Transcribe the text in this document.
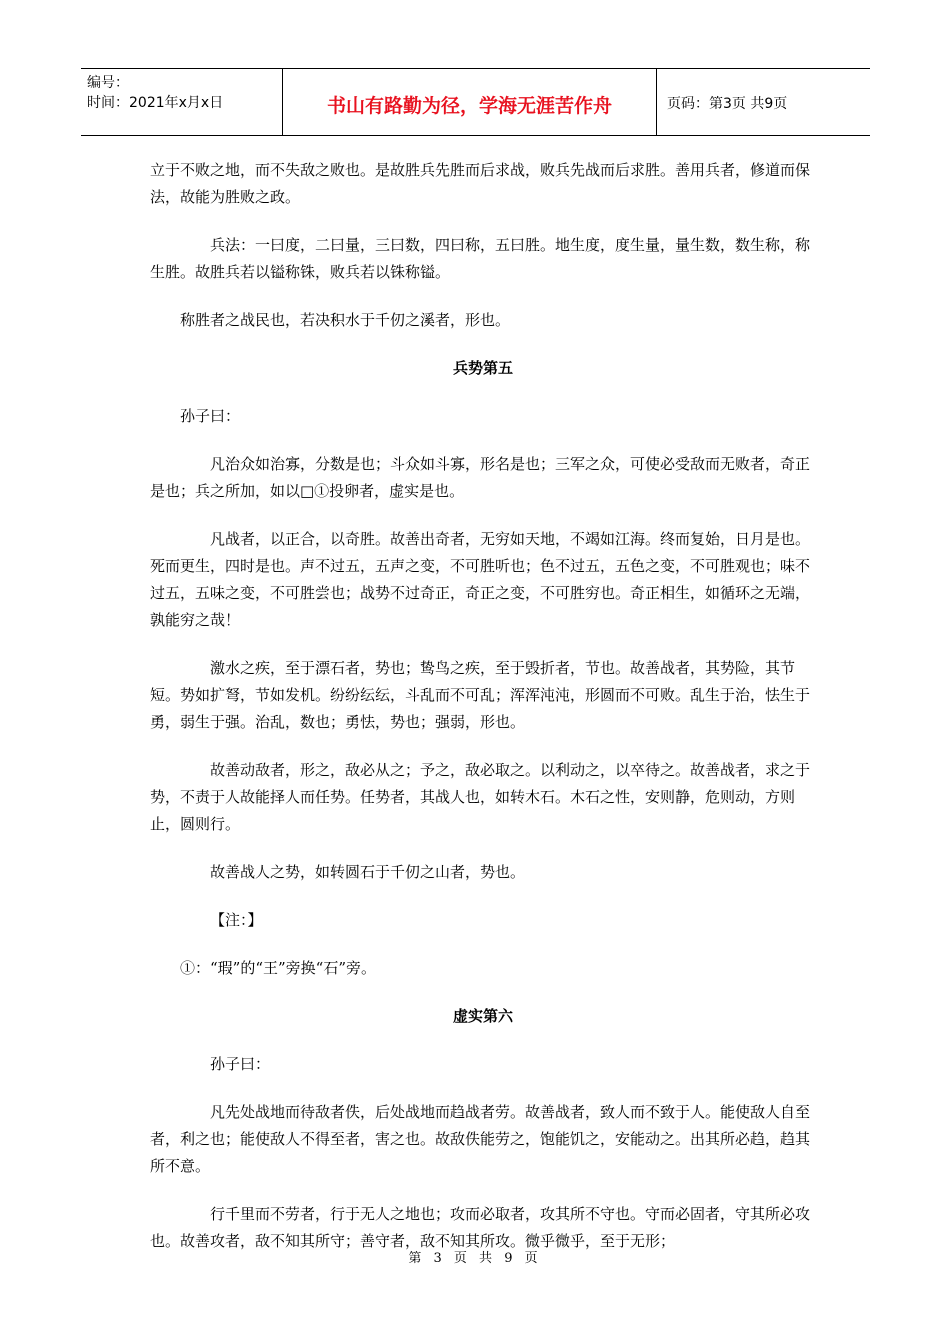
编号：
时间：2021年x月x日	书山有路勤为径，学海无涯苦作舟	页码：第3页 共9页

立于不败之地，而不失敌之败也。是故胜兵先胜而后求战，败兵先战而后求胜。善用兵者，修道而保法，故能为胜败之政。

兵法：一曰度，二曰量，三曰数，四曰称，五曰胜。地生度，度生量，量生数，数生称，称生胜。故胜兵若以镒称铢，败兵若以铢称镒。

称胜者之战民也，若决积水于千仞之溪者，形也。

兵势第五

孙子曰：

凡治众如治寡，分数是也；斗众如斗寡，形名是也；三军之众，可使必受敌而无败者，奇正是也；兵之所加，如以□①投卵者，虚实是也。

凡战者，以正合，以奇胜。故善出奇者，无穷如天地，不竭如江海。终而复始，日月是也。死而更生，四时是也。声不过五，五声之变，不可胜听也；色不过五，五色之变，不可胜观也；味不过五，五味之变，不可胜尝也；战势不过奇正，奇正之变，不可胜穷也。奇正相生，如循环之无端，孰能穷之哉！

激水之疾，至于漂石者，势也；鸷鸟之疾，至于毁折者，节也。故善战者，其势险，其节短。势如扩弩，节如发机。纷纷纭纭，斗乱而不可乱；浑浑沌沌，形圆而不可败。乱生于治，怯生于勇，弱生于强。治乱，数也；勇怯，势也；强弱，形也。

故善动敌者，形之，敌必从之；予之，敌必取之。以利动之，以卒待之。故善战者，求之于势，不责于人故能择人而任势。任势者，其战人也，如转木石。木石之性，安则静，危则动，方则止，圆则行。

故善战人之势，如转圆石于千仞之山者，势也。

【注：】

①：“瑕”的“王”旁换“石”旁。

虚实第六

孙子曰：

凡先处战地而待敌者佚，后处战地而趋战者劳。故善战者，致人而不致于人。能使敌人自至者，利之也；能使敌人不得至者，害之也。故敌佚能劳之，饱能饥之，安能动之。出其所必趋，趋其所不意。

行千里而不劳者，行于无人之地也；攻而必取者，攻其所不守也。守而必固者，守其所必攻也。故善攻者，敌不知其所守；善守者，敌不知其所攻。微乎微乎，至于无形；

第 3 页 共 9 页
